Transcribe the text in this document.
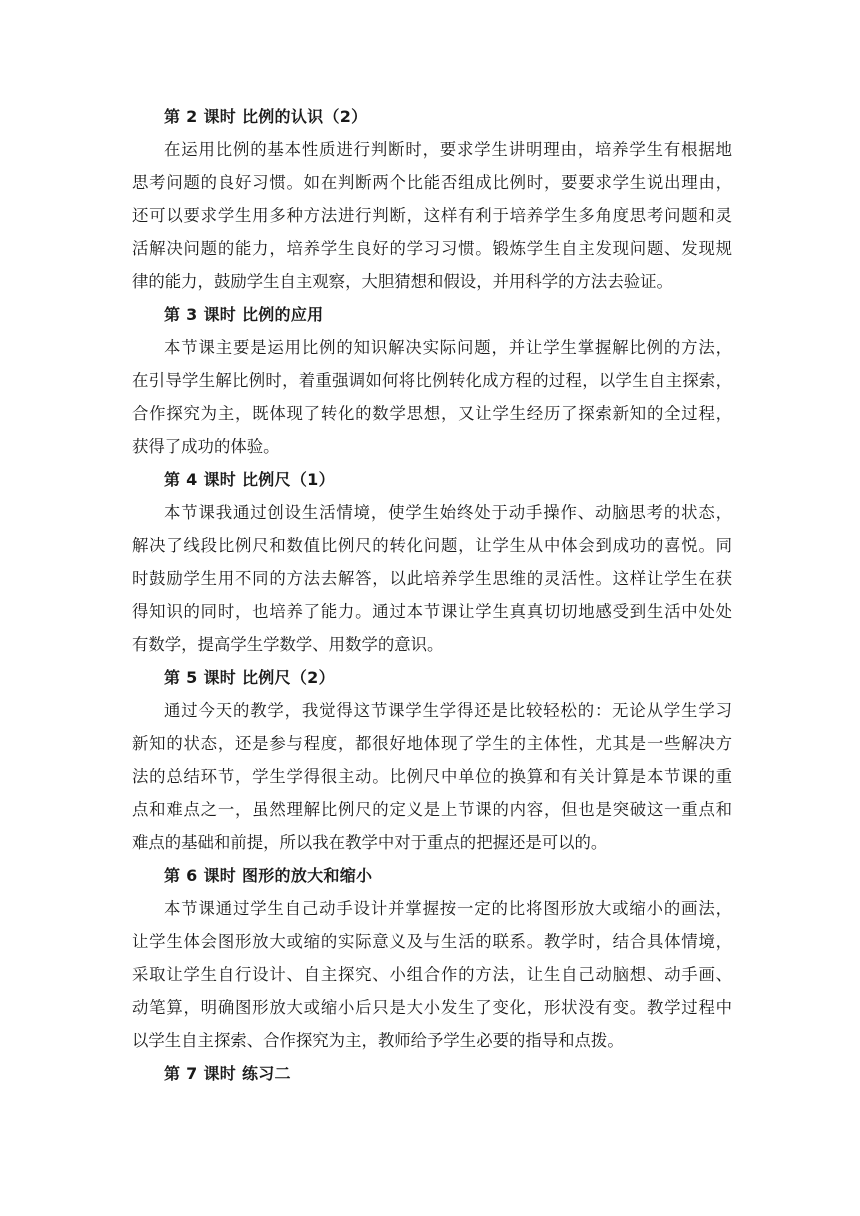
第 2 课时 比例的认识（2）
在运用比例的基本性质进行判断时，要求学生讲明理由，培养学生有根据地
思考问题的良好习惯。如在判断两个比能否组成比例时，要要求学生说出理由，
还可以要求学生用多种方法进行判断，这样有利于培养学生多角度思考问题和灵
活解决问题的能力，培养学生良好的学习习惯。锻炼学生自主发现问题、发现规
律的能力，鼓励学生自主观察，大胆猜想和假设，并用科学的方法去验证。
第 3 课时 比例的应用
本节课主要是运用比例的知识解决实际问题，并让学生掌握解比例的方法，
在引导学生解比例时，着重强调如何将比例转化成方程的过程，以学生自主探索，
合作探究为主，既体现了转化的数学思想，又让学生经历了探索新知的全过程，
获得了成功的体验。
第 4 课时 比例尺（1）
本节课我通过创设生活情境，使学生始终处于动手操作、动脑思考的状态，
解决了线段比例尺和数值比例尺的转化问题，让学生从中体会到成功的喜悦。同
时鼓励学生用不同的方法去解答，以此培养学生思维的灵活性。这样让学生在获
得知识的同时，也培养了能力。通过本节课让学生真真切切地感受到生活中处处
有数学，提高学生学数学、用数学的意识。
第 5 课时 比例尺（2）
通过今天的教学，我觉得这节课学生学得还是比较轻松的：无论从学生学习
新知的状态，还是参与程度，都很好地体现了学生的主体性，尤其是一些解决方
法的总结环节，学生学得很主动。比例尺中单位的换算和有关计算是本节课的重
点和难点之一，虽然理解比例尺的定义是上节课的内容，但也是突破这一重点和
难点的基础和前提，所以我在教学中对于重点的把握还是可以的。
第 6 课时 图形的放大和缩小
本节课通过学生自己动手设计并掌握按一定的比将图形放大或缩小的画法，
让学生体会图形放大或缩的实际意义及与生活的联系。教学时，结合具体情境，
采取让学生自行设计、自主探究、小组合作的方法，让生自己动脑想、动手画、
动笔算，明确图形放大或缩小后只是大小发生了变化，形状没有变。教学过程中
以学生自主探索、合作探究为主，教师给予学生必要的指导和点拨。
第 7 课时 练习二
